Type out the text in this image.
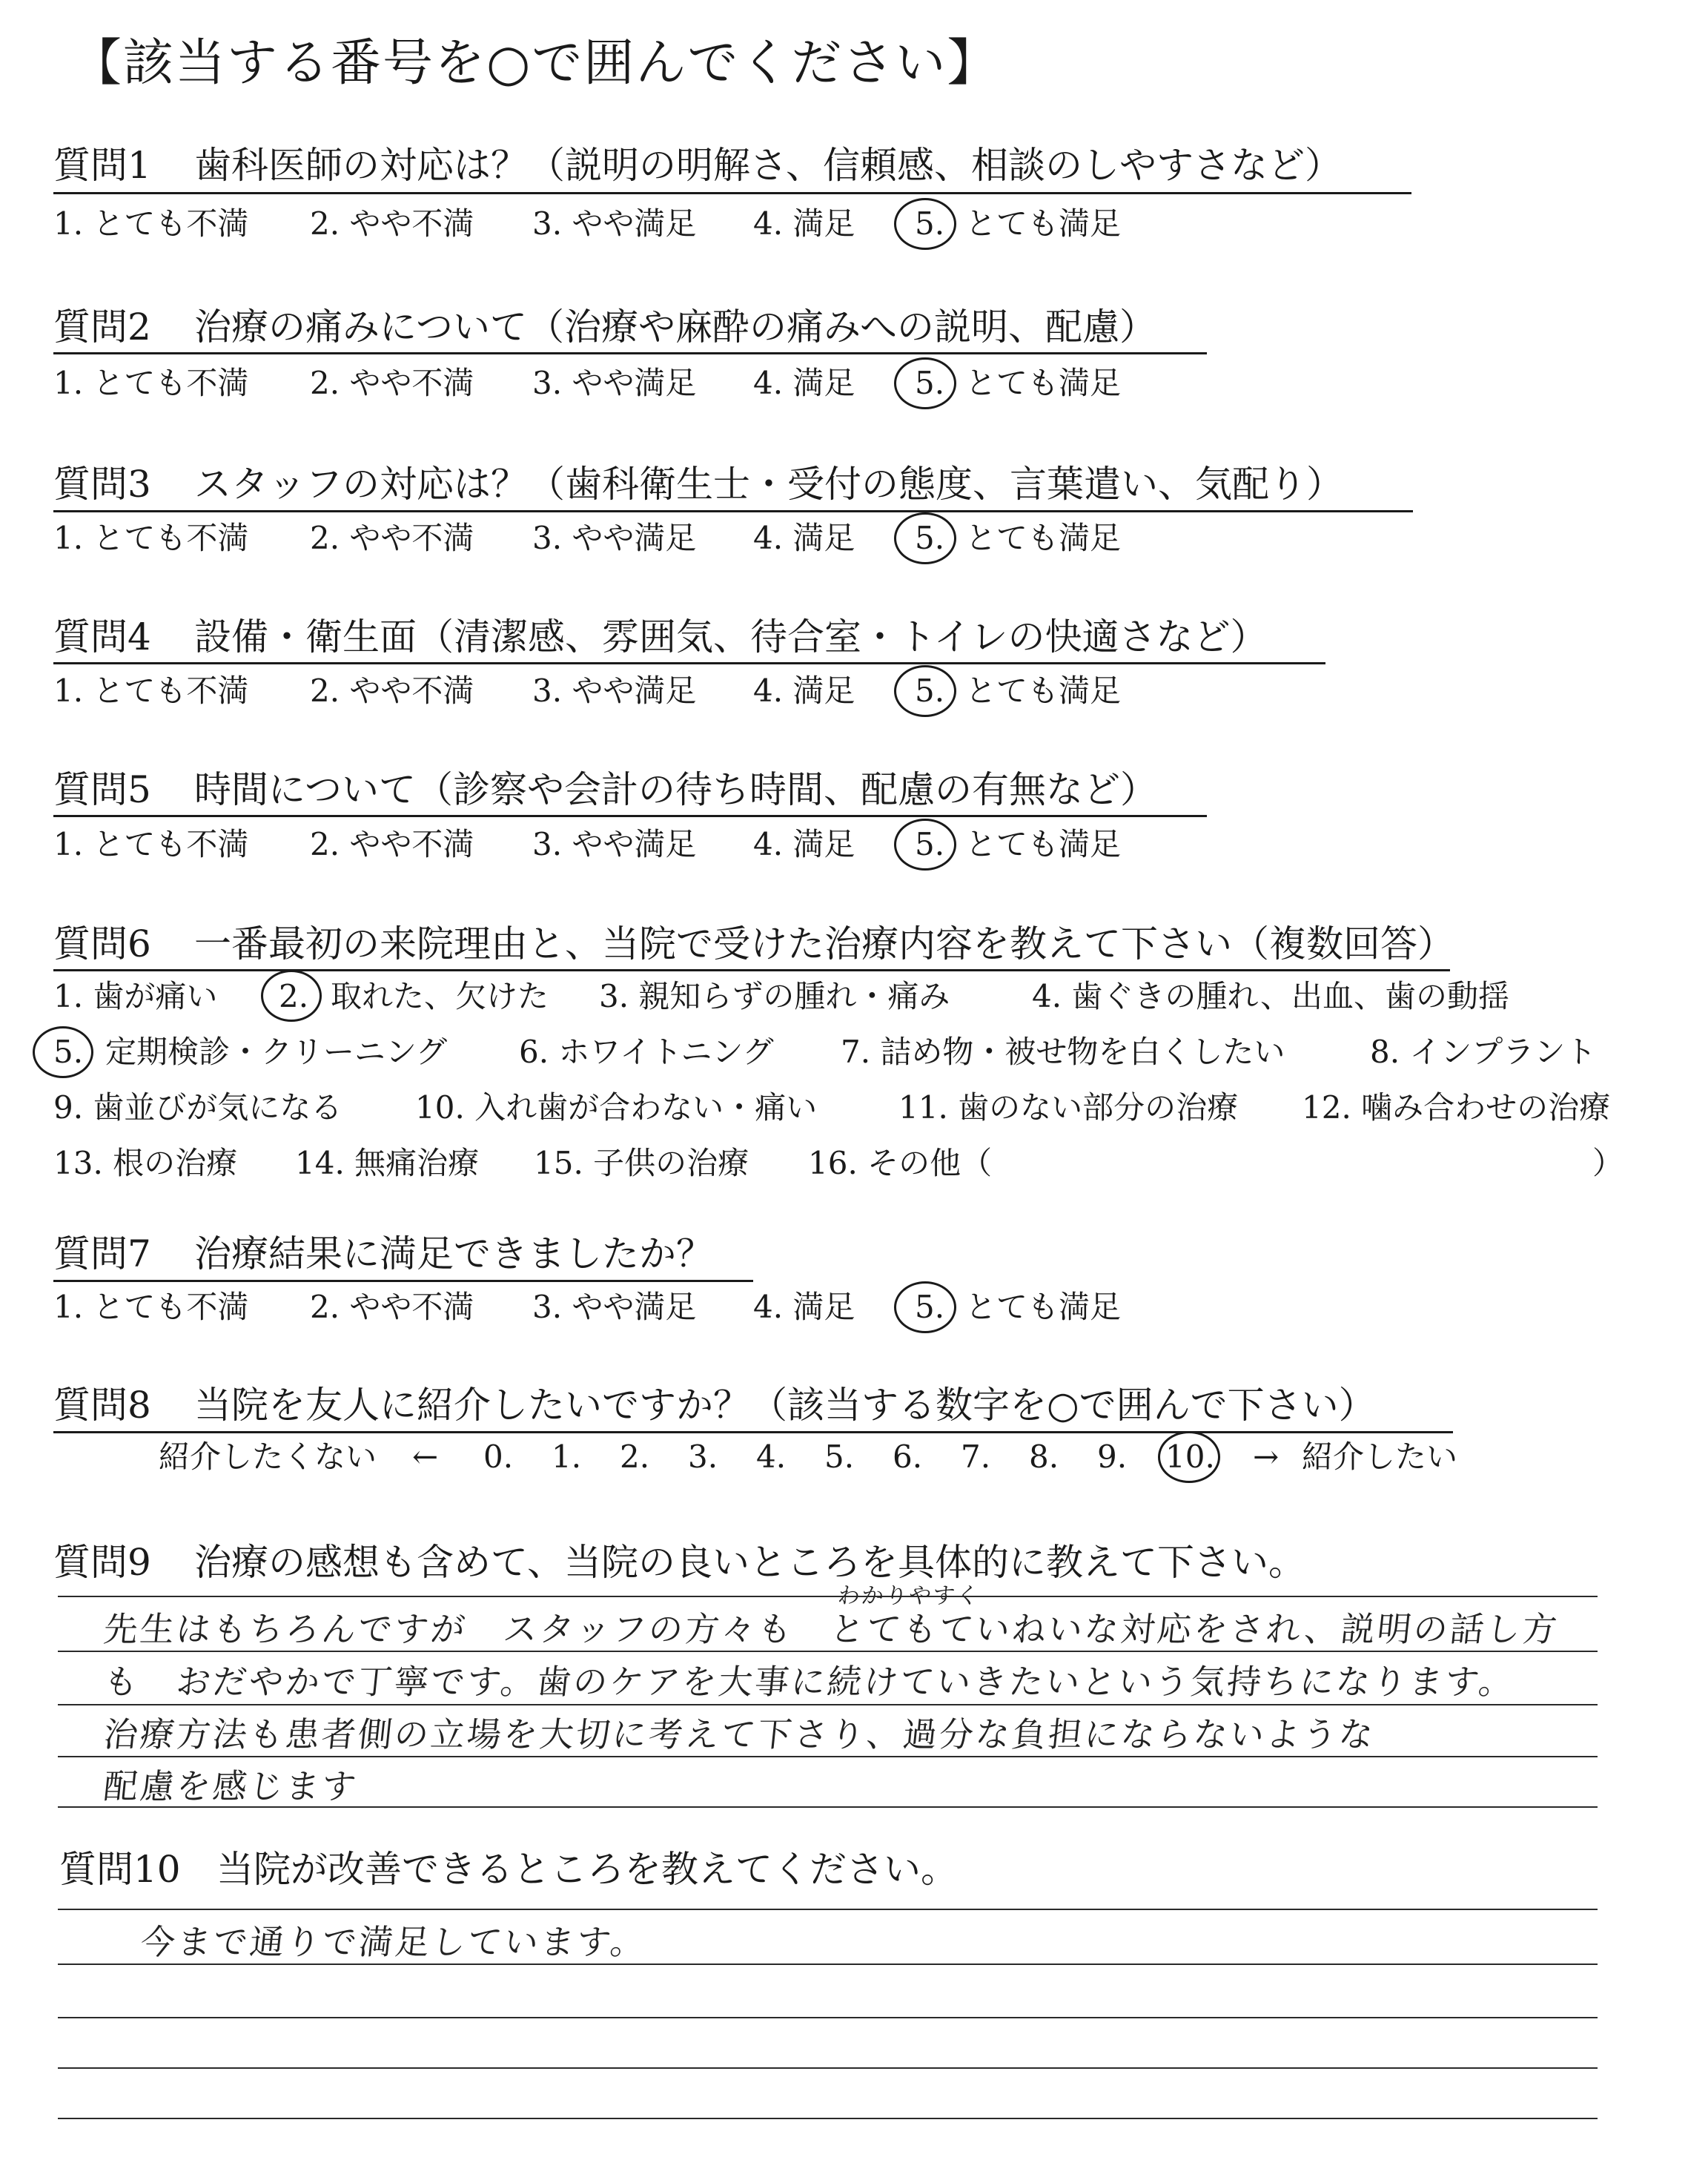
【該当する番号を○で囲んでください】
質問1 歯科医師の対応は？（説明の明解さ、信頼感、相談のしやすさなど）
1. とても不満 2. やや不満 3. やや満足 4. 満足 5. とても満足
質問2 治療の痛みについて（治療や麻酔の痛みへの説明、配慮）
1. とても不満 2. やや不満 3. やや満足 4. 満足 5. とても満足
質問3 スタッフの対応は？（歯科衛生士・受付の態度、言葉遣い、気配り）
1. とても不満 2. やや不満 3. やや満足 4. 満足 5. とても満足
質問4 設備・衛生面（清潔感、雰囲気、待合室・トイレの快適さなど）
1. とても不満 2. やや不満 3. やや満足 4. 満足 5. とても満足
質問5 時間について（診察や会計の待ち時間、配慮の有無など）
1. とても不満 2. やや不満 3. やや満足 4. 満足 5. とても満足
質問6 一番最初の来院理由と、当院で受けた治療内容を教えて下さい（複数回答）
1. 歯が痛い 2. 取れた、欠けた 3. 親知らずの腫れ・痛み	4. 歯ぐきの腫れ、出血、歯の動揺
5. 定期検診・クリーニング 6. ホワイトニング 7. 詰め物・被せ物を白くしたい	8. インプラント
9. 歯並びが気になる 10. 入れ歯が合わない・痛い	11. 歯のない部分の治療 12. 噛み合わせの治療
13. 根の治療 14. 無痛治療 15. 子供の治療 16. その他（	）
質問7 治療結果に満足できましたか？
1. とても不満 2. やや不満 3. やや満足 4. 満足 5. とても満足
質問8 当院を友人に紹介したいですか？（該当する数字を○で囲んで下さい）
紹介したくない ← 0. 1. 2. 3. 4. 5. 6. 7. 8. 9. 10. → 紹介したい
質問9 治療の感想も含めて、当院の良いところを具体的に教えて下さい。
わかりやすく
先生はもちろんですが　スタッフの方々も　とてもていねいな対応をされ、説明の話し方
も　おだやかで丁寧です。歯のケアを大事に続けていきたいという気持ちになります。
治療方法も患者側の立場を大切に考えて下さり、過分な負担にならないような
配慮を感じます
質問10 当院が改善できるところを教えてください。
今まで通りで満足しています。
